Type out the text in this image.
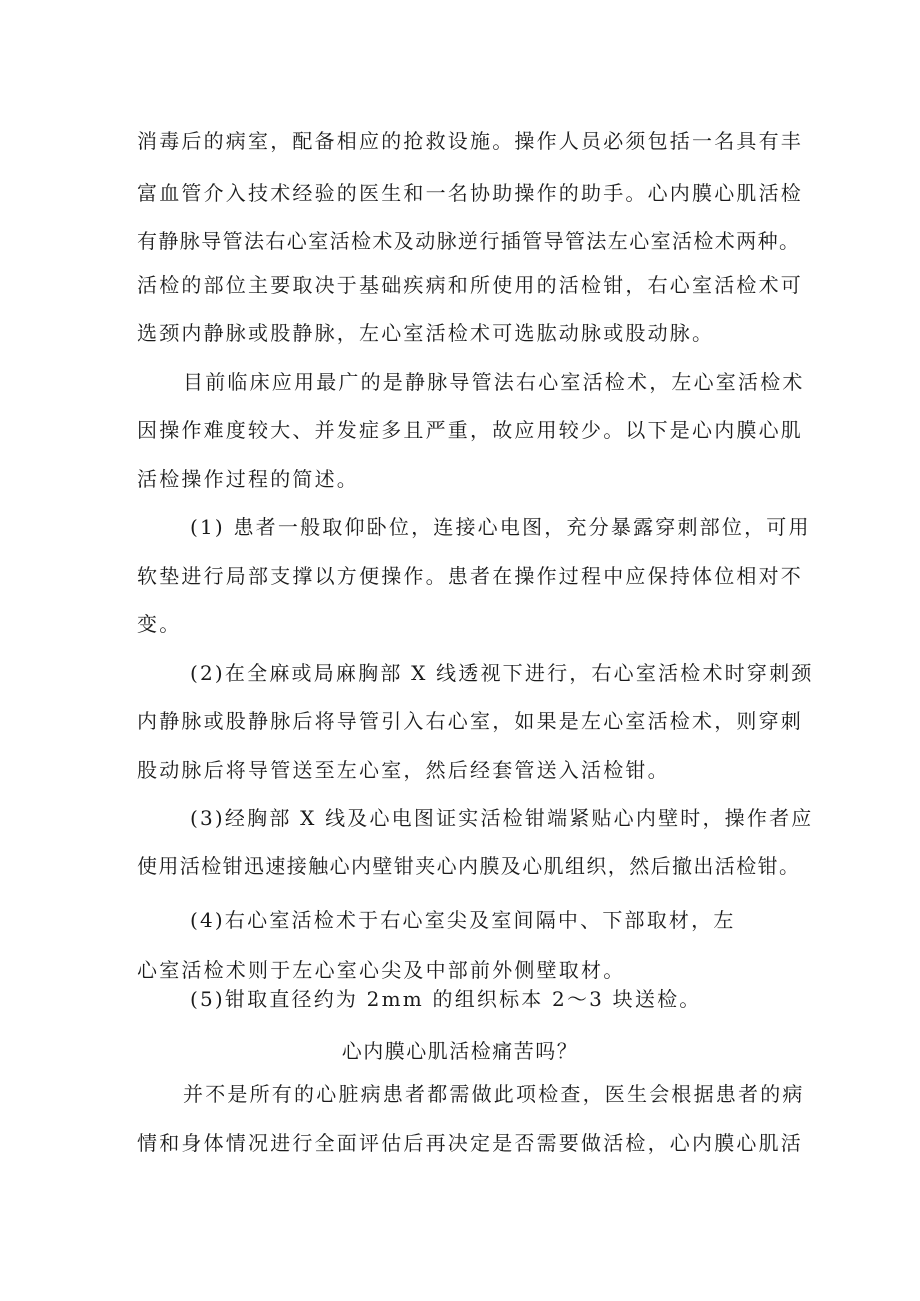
消毒后的病室，配备相应的抢救设施。操作人员必须包括一名具有丰
富血管介入技术经验的医生和一名协助操作的助手。心内膜心肌活检
有静脉导管法右心室活检术及动脉逆行插管导管法左心室活检术两种。
活检的部位主要取决于基础疾病和所使用的活检钳，右心室活检术可
选颈内静脉或股静脉，左心室活检术可选肱动脉或股动脉。
目前临床应用最广的是静脉导管法右心室活检术，左心室活检术
因操作难度较大、并发症多且严重，故应用较少。以下是心内膜心肌
活检操作过程的简述。
(1) 患者一般取仰卧位，连接心电图，充分暴露穿刺部位，可用
软垫进行局部支撑以方便操作。患者在操作过程中应保持体位相对不
变。
(2)在全麻或局麻胸部 X 线透视下进行，右心室活检术时穿刺颈
内静脉或股静脉后将导管引入右心室，如果是左心室活检术，则穿刺
股动脉后将导管送至左心室，然后经套管送入活检钳。
(3)经胸部 X 线及心电图证实活检钳端紧贴心内壁时，操作者应
使用活检钳迅速接触心内壁钳夹心内膜及心肌组织，然后撤出活检钳。
(4)右心室活检术于右心室尖及室间隔中、下部取材，左
心室活检术则于左心室心尖及中部前外侧壁取材。
(5)钳取直径约为 2mm 的组织标本 2～3 块送检。
心内膜心肌活检痛苦吗？
并不是所有的心脏病患者都需做此项检查，医生会根据患者的病
情和身体情况进行全面评估后再决定是否需要做活检，心内膜心肌活
